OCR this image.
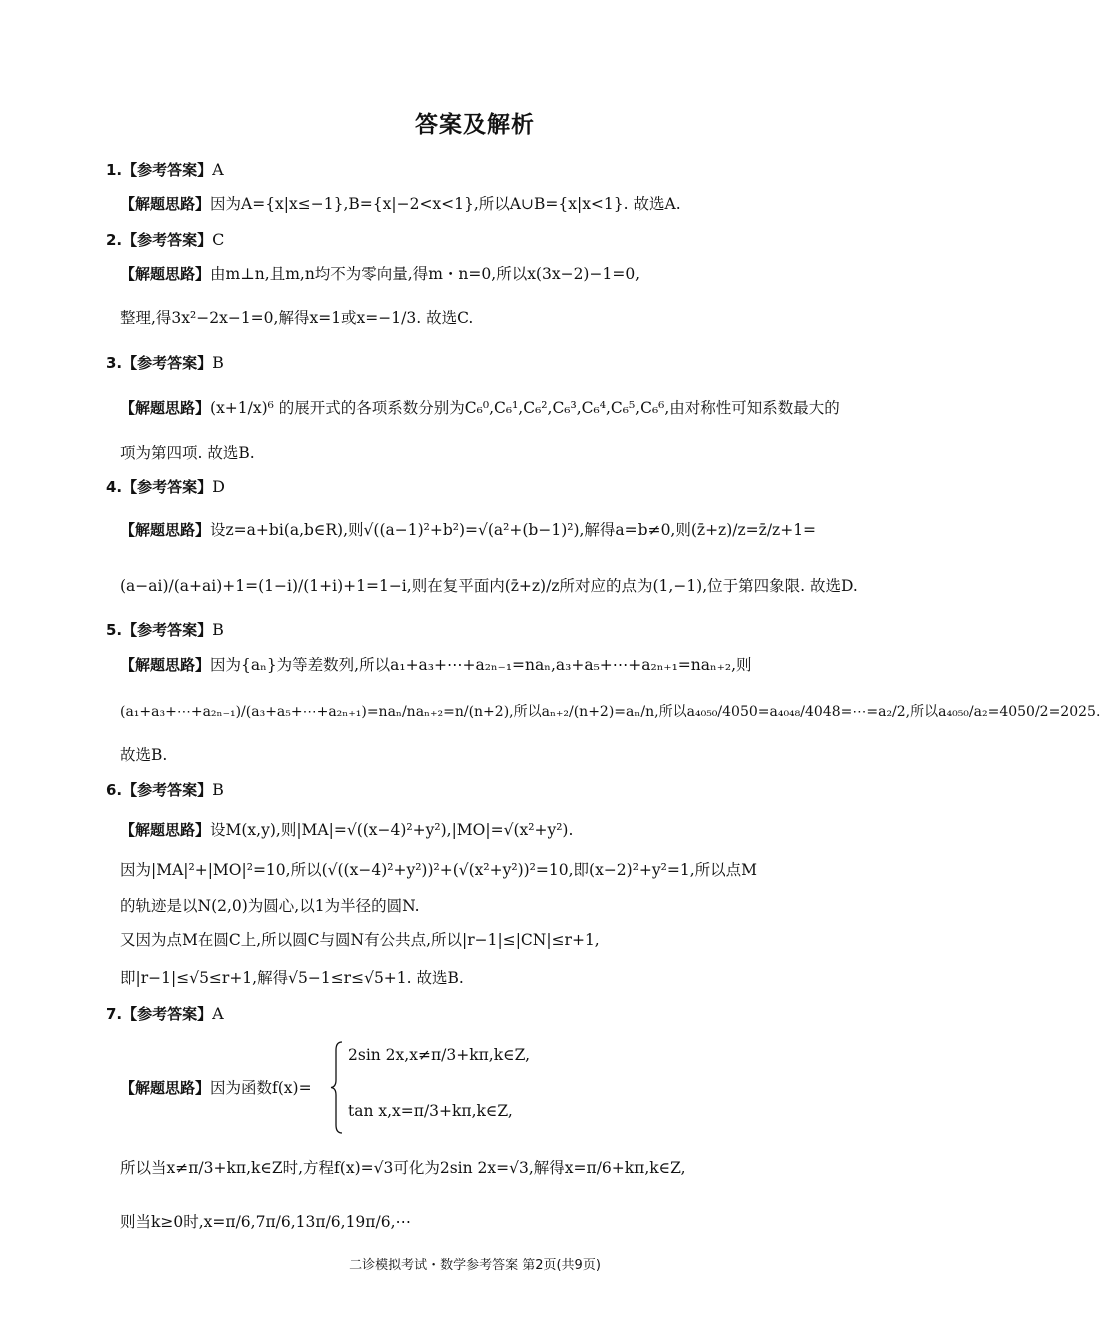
答案及解析
1.【参考答案】A
【解题思路】因为A={x|x≤−1},B={x|−2<x<1},所以A∪B={x|x<1}. 故选A.
2.【参考答案】C
【解题思路】由m⊥n,且m,n均不为零向量,得m・n=0,所以x(3x−2)−1=0,
整理,得3x²−2x−1=0,解得x=1或x=−1/3. 故选C.
3.【参考答案】B
【解题思路】(x+1/x)⁶ 的展开式的各项系数分别为C₆⁰,C₆¹,C₆²,C₆³,C₆⁴,C₆⁵,C₆⁶,由对称性可知系数最大的
项为第四项. 故选B.
4.【参考答案】D
【解题思路】设z=a+bi(a,b∈R),则√((a−1)²+b²)=√(a²+(b−1)²),解得a=b≠0,则(z̄+z)/z=z̄/z+1=
(a−ai)/(a+ai)+1=(1−i)/(1+i)+1=1−i,则在复平面内(z̄+z)/z所对应的点为(1,−1),位于第四象限. 故选D.
5.【参考答案】B
【解题思路】因为{aₙ}为等差数列,所以a₁+a₃+⋯+a₂ₙ₋₁=naₙ,a₃+a₅+⋯+a₂ₙ₊₁=naₙ₊₂,则
(a₁+a₃+⋯+a₂ₙ₋₁)/(a₃+a₅+⋯+a₂ₙ₊₁)=naₙ/naₙ₊₂=n/(n+2),所以aₙ₊₂/(n+2)=aₙ/n,所以a₄₀₅₀/4050=a₄₀₄₈/4048=⋯=a₂/2,所以a₄₀₅₀/a₂=4050/2=2025.
故选B.
6.【参考答案】B
【解题思路】设M(x,y),则|MA|=√((x−4)²+y²),|MO|=√(x²+y²).
因为|MA|²+|MO|²=10,所以(√((x−4)²+y²))²+(√(x²+y²))²=10,即(x−2)²+y²=1,所以点M
的轨迹是以N(2,0)为圆心,以1为半径的圆N.
又因为点M在圆C上,所以圆C与圆N有公共点,所以|r−1|≤|CN|≤r+1,
即|r−1|≤√5≤r+1,解得√5−1≤r≤√5+1. 故选B.
7.【参考答案】A
【解题思路】因为函数f(x)=
2sin 2x,x≠π/3+kπ,k∈Z,
tan x,x=π/3+kπ,k∈Z,
所以当x≠π/3+kπ,k∈Z时,方程f(x)=√3可化为2sin 2x=√3,解得x=π/6+kπ,k∈Z,
则当k≥0时,x=π/6,7π/6,13π/6,19π/6,⋯
二诊模拟考试・数学参考答案 第2页(共9页)
